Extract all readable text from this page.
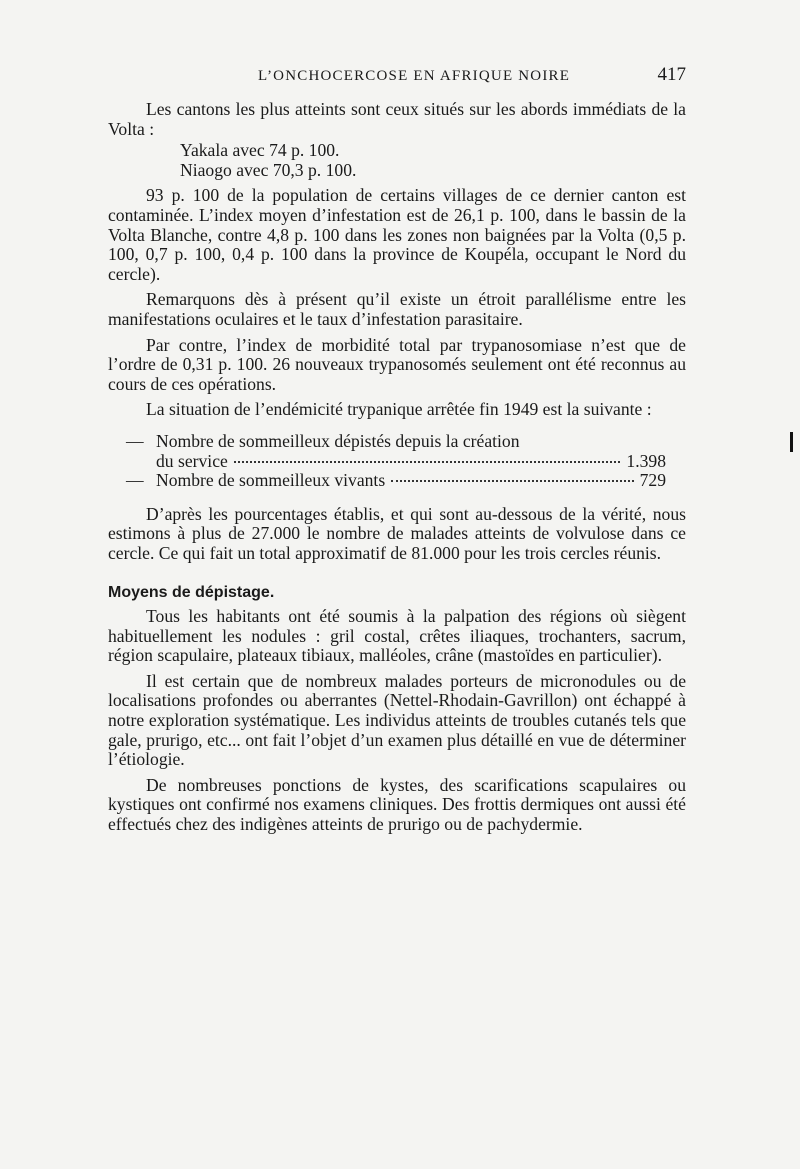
L’ONCHOCERCOSE EN AFRIQUE NOIRE	417

Les cantons les plus atteints sont ceux situés sur les abords immédiats de la Volta :

Yakala avec 74 p. 100.
Niaogo avec 70,3 p. 100.

93 p. 100 de la population de certains villages de ce dernier canton est contaminée. L’index moyen d’infestation est de 26,1 p. 100, dans le bassin de la Volta Blanche, contre 4,8 p. 100 dans les zones non baignées par la Volta (0,5 p. 100, 0,7 p. 100, 0,4 p. 100 dans la province de Koupéla, occupant le Nord du cercle).

Remarquons dès à présent qu’il existe un étroit parallélisme entre les manifestations oculaires et le taux d’infestation parasitaire.

Par contre, l’index de morbidité total par trypanosomiase n’est que de l’ordre de 0,31 p. 100. 26 nouveaux trypanosomés seulement ont été reconnus au cours de ces opérations.

La situation de l’endémicité trypanique arrêtée fin 1949 est la suivante :

— Nombre de sommeilleux dépistés depuis la création
du service	1.398
— Nombre de sommeilleux vivants	729

D’après les pourcentages établis, et qui sont au-dessous de la vérité, nous estimons à plus de 27.000 le nombre de malades atteints de volvulose dans ce cercle. Ce qui fait un total approximatif de 81.000 pour les trois cercles réunis.

Moyens de dépistage.

Tous les habitants ont été soumis à la palpation des régions où siègent habituellement les nodules : gril costal, crêtes iliaques, trochanters, sacrum, région scapulaire, plateaux tibiaux, malléoles, crâne (mastoïdes en particulier).

Il est certain que de nombreux malades porteurs de micronodules ou de localisations profondes ou aberrantes (Nettel-Rhodain-Gavrillon) ont échappé à notre exploration systématique. Les individus atteints de troubles cutanés tels que gale, prurigo, etc... ont fait l’objet d’un examen plus détaillé en vue de déterminer l’étiologie.

De nombreuses ponctions de kystes, des scarifications scapulaires ou kystiques ont confirmé nos examens cliniques. Des frottis dermiques ont aussi été effectués chez des indigènes atteints de prurigo ou de pachydermie.
